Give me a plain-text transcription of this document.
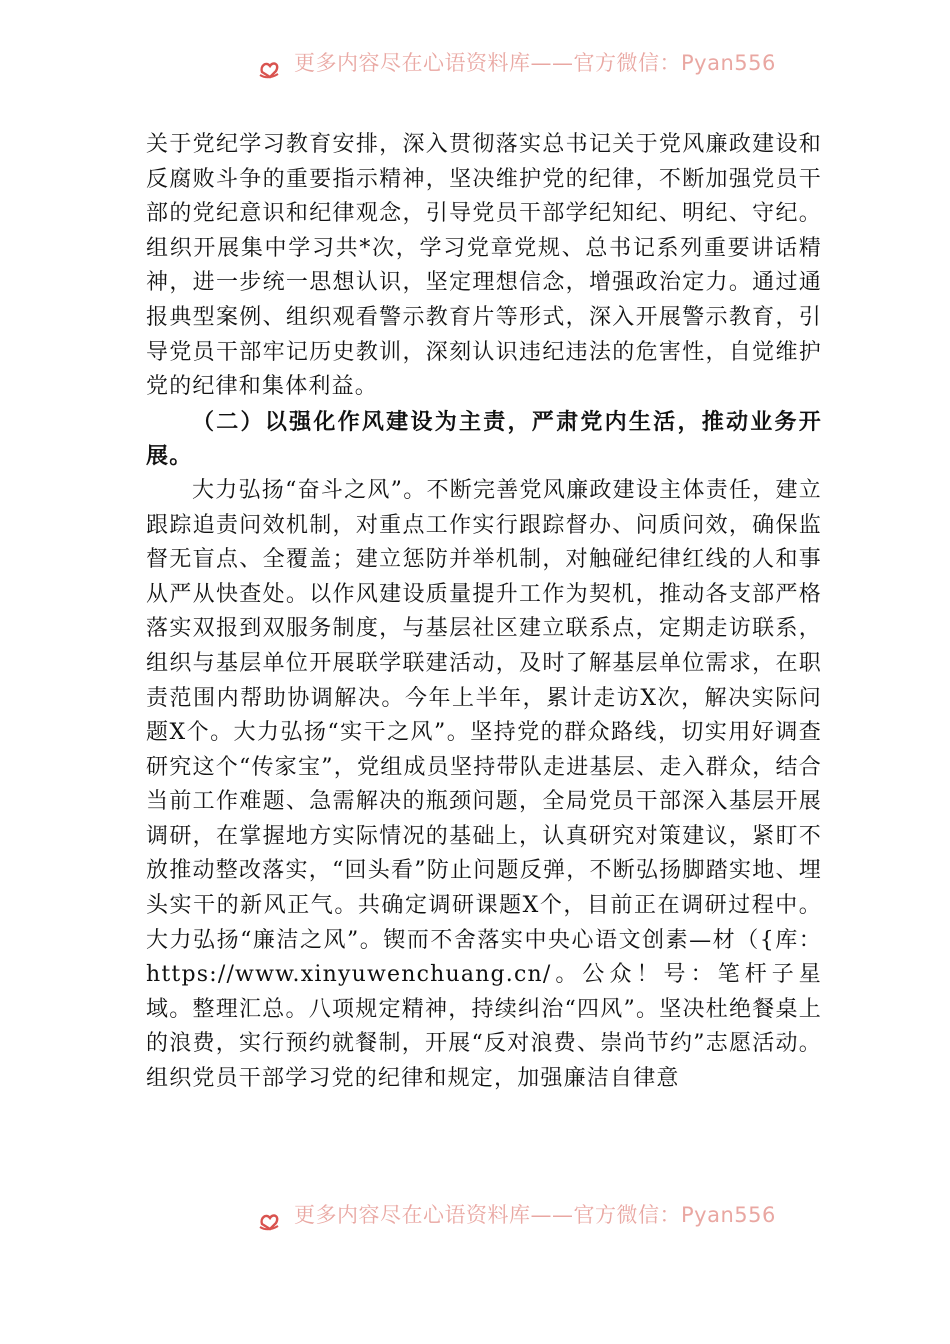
更多内容尽在心语资料库——官方微信：Pyan556

关于党纪学习教育安排，深入贯彻落实总书记关于党风廉政建设和反腐败斗争的重要指示精神，坚决维护党的纪律，不断加强党员干部的党纪意识和纪律观念，引导党员干部学纪知纪、明纪、守纪。组织开展集中学习共*次，学习党章党规、总书记系列重要讲话精神，进一步统一思想认识，坚定理想信念，增强政治定力。通过通报典型案例、组织观看警示教育片等形式，深入开展警示教育，引导党员干部牢记历史教训，深刻认识违纪违法的危害性，自觉维护党的纪律和集体利益。

（二）以强化作风建设为主责，严肃党内生活，推动业务开展。

大力弘扬“奋斗之风”。不断完善党风廉政建设主体责任，建立跟踪追责问效机制，对重点工作实行跟踪督办、问质问效，确保监督无盲点、全覆盖；建立惩防并举机制，对触碰纪律红线的人和事从严从快查处。以作风建设质量提升工作为契机，推动各支部严格落实双报到双服务制度，与基层社区建立联系点，定期走访联系，组织与基层单位开展联学联建活动，及时了解基层单位需求，在职责范围内帮助协调解决。今年上半年，累计走访X次，解决实际问题X个。大力弘扬“实干之风”。坚持党的群众路线，切实用好调查研究这个“传家宝”，党组成员坚持带队走进基层、走入群众，结合当前工作难题、急需解决的瓶颈问题，全局党员干部深入基层开展调研，在掌握地方实际情况的基础上，认真研究对策建议，紧盯不放推动整改落实，“回头看”防止问题反弹，不断弘扬脚踏实地、埋头实干的新风正气。共确定调研课题X个，目前正在调研过程中。大力弘扬“廉洁之风”。锲而不舍落实中央心语文创素—材（{库：https://www.xinyuwenchuang.cn/。公众！号：笔杆子星域。整理汇总。八项规定精神，持续纠治“四风”。坚决杜绝餐桌上的浪费，实行预约就餐制，开展“反对浪费、崇尚节约”志愿活动。组织党员干部学习党的纪律和规定，加强廉洁自律意

更多内容尽在心语资料库——官方微信：Pyan556
